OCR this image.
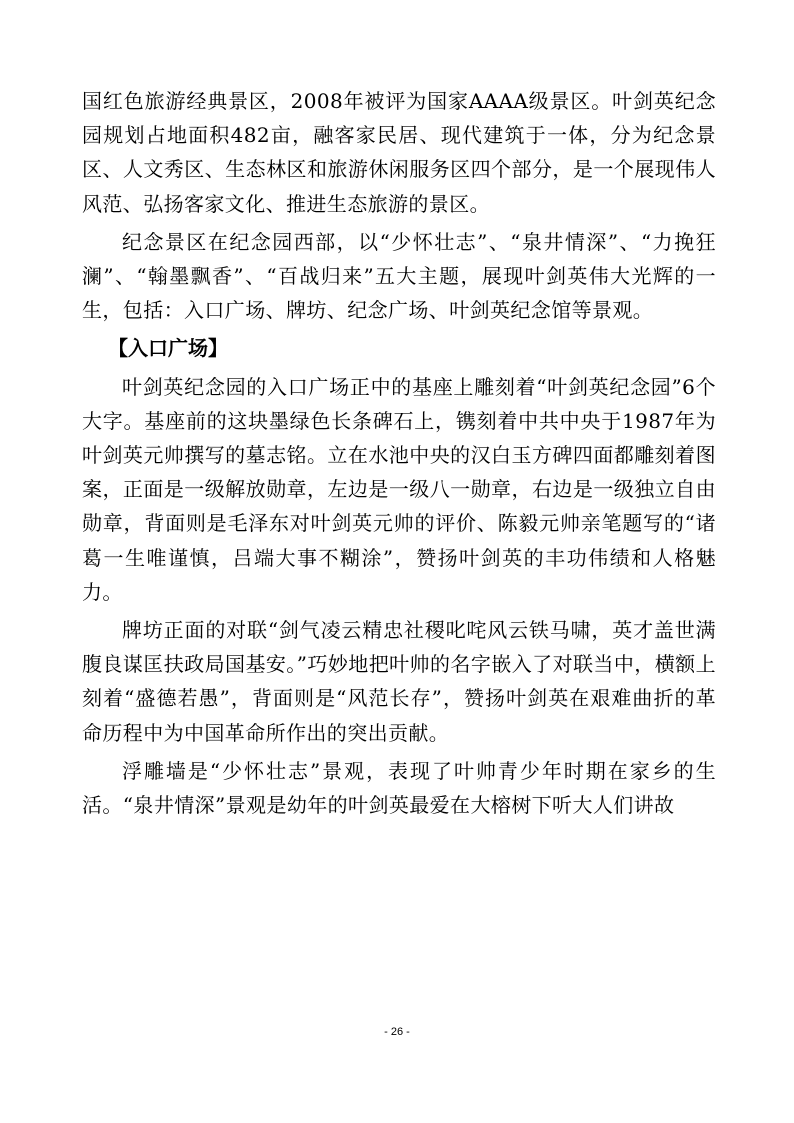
国红色旅游经典景区，2008年被评为国家AAAA级景区。叶剑英纪念园规划占地面积482亩，融客家民居、现代建筑于一体，分为纪念景区、人文秀区、生态林区和旅游休闲服务区四个部分，是一个展现伟人风范、弘扬客家文化、推进生态旅游的景区。

纪念景区在纪念园西部，以“少怀壮志”、“泉井情深”、“力挽狂澜”、“翰墨飘香”、“百战归来”五大主题，展现叶剑英伟大光辉的一生，包括：入口广场、牌坊、纪念广场、叶剑英纪念馆等景观。

【入口广场】

叶剑英纪念园的入口广场正中的基座上雕刻着“叶剑英纪念园”6个大字。基座前的这块墨绿色长条碑石上，镌刻着中共中央于1987年为叶剑英元帅撰写的墓志铭。立在水池中央的汉白玉方碑四面都雕刻着图案，正面是一级解放勋章，左边是一级八一勋章，右边是一级独立自由勋章，背面则是毛泽东对叶剑英元帅的评价、陈毅元帅亲笔题写的“诸葛一生唯谨慎，吕端大事不糊涂”，赞扬叶剑英的丰功伟绩和人格魅力。

牌坊正面的对联“剑气凌云精忠社稷叱咤风云铁马啸，英才盖世满腹良谋匡扶政局国基安。”巧妙地把叶帅的名字嵌入了对联当中，横额上刻着“盛德若愚”，背面则是“风范长存”，赞扬叶剑英在艰难曲折的革命历程中为中国革命所作出的突出贡献。

浮雕墙是“少怀壮志”景观，表现了叶帅青少年时期在家乡的生活。“泉井情深”景观是幼年的叶剑英最爱在大榕树下听大人们讲故

- 26 -
